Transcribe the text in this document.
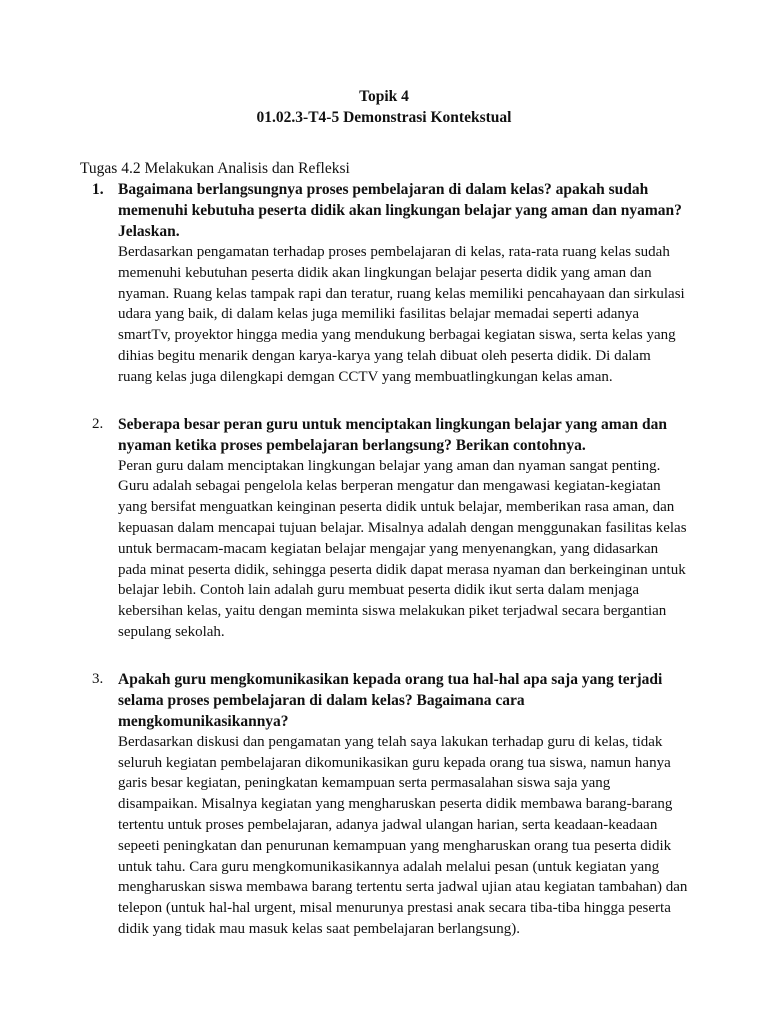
Topik 4
01.02.3-T4-5 Demonstrasi Kontekstual
Tugas 4.2 Melakukan Analisis dan Refleksi
1. Bagaimana berlangsungnya proses pembelajaran di dalam kelas? apakah sudah memenuhi kebutuha peserta didik akan lingkungan belajar yang aman dan nyaman? Jelaskan.

Berdasarkan pengamatan terhadap proses pembelajaran di kelas, rata-rata ruang kelas sudah memenuhi kebutuhan peserta didik akan lingkungan belajar peserta didik yang aman dan nyaman. Ruang kelas tampak rapi dan teratur, ruang kelas memiliki pencahayaan dan sirkulasi udara yang baik, di dalam kelas juga memiliki fasilitas belajar memadai seperti adanya smartTv, proyektor hingga media yang mendukung berbagai kegiatan siswa, serta kelas yang dihias begitu menarik dengan karya-karya yang telah dibuat oleh peserta didik. Di dalam ruang kelas juga dilengkapi demgan CCTV yang membuatlingkungan kelas aman.

2. Seberapa besar peran guru untuk menciptakan lingkungan belajar yang aman dan nyaman ketika proses pembelajaran berlangsung? Berikan contohnya.

Peran guru dalam menciptakan lingkungan belajar yang aman dan nyaman sangat penting. Guru adalah sebagai pengelola kelas berperan mengatur dan mengawasi kegiatan-kegiatan yang bersifat menguatkan keinginan peserta didik untuk belajar, memberikan rasa aman, dan kepuasan dalam mencapai tujuan belajar. Misalnya adalah dengan menggunakan fasilitas kelas untuk bermacam-macam kegiatan belajar mengajar yang menyenangkan, yang didasarkan pada minat peserta didik, sehingga peserta didik dapat merasa nyaman dan berkeinginan untuk belajar lebih. Contoh lain adalah guru membuat peserta didik ikut serta dalam menjaga kebersihan kelas, yaitu dengan meminta siswa melakukan piket terjadwal secara bergantian sepulang sekolah.

3. Apakah guru mengkomunikasikan kepada orang tua hal-hal apa saja yang terjadi selama proses pembelajaran di dalam kelas? Bagaimana cara mengkomunikasikannya?

Berdasarkan diskusi dan pengamatan yang telah saya lakukan terhadap guru di kelas, tidak seluruh kegiatan pembelajaran dikomunikasikan guru kepada orang tua siswa, namun hanya garis besar kegiatan, peningkatan kemampuan serta permasalahan siswa saja yang disampaikan. Misalnya kegiatan yang mengharuskan peserta didik membawa barang-barang tertentu untuk proses pembelajaran, adanya jadwal ulangan harian, serta keadaan-keadaan sepeeti peningkatan dan penurunan kemampuan yang mengharuskan orang tua peserta didik untuk tahu. Cara guru mengkomunikasikannya adalah melalui pesan (untuk kegiatan yang mengharuskan siswa membawa barang tertentu serta jadwal ujian atau kegiatan tambahan) dan telepon (untuk hal-hal urgent, misal menurunya prestasi anak secara tiba-tiba hingga peserta didik yang tidak mau masuk kelas saat pembelajaran berlangsung).
